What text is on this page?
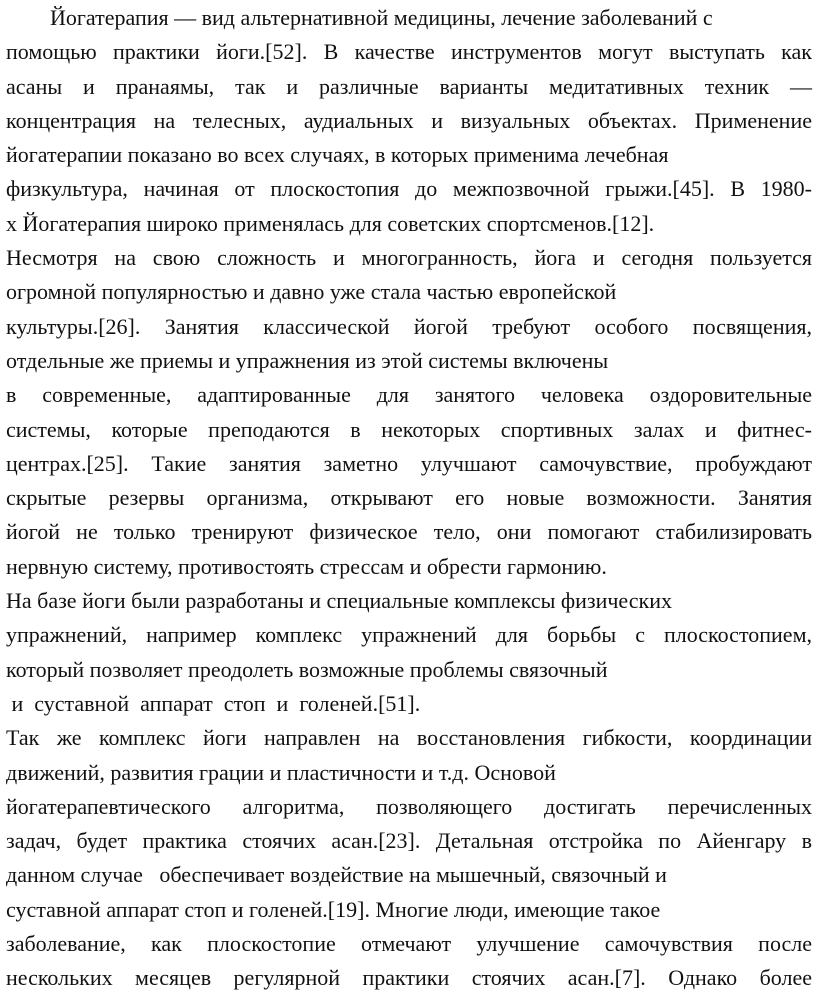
Йогатерапия — вид альтернативной медицины, лечение заболеваний с
помощью практики йоги.[52]. В качестве инструментов могут выступать как
асаны и пранаямы, так и различные варианты медитативных техник —
концентрация на телесных, аудиальных и визуальных объектах. Применение
йогатерапии показано во всех случаях, в которых применима лечебная
физкультура, начиная от плоскостопия до межпозвочной грыжи.[45]. В 1980-
х Йогатерапия широко применялась для советских спортсменов.[12].
Несмотря на свою сложность и многогранность, йога и сегодня пользуется
огромной популярностью и давно уже стала частью европейской
культуры.[26]. Занятия классической йогой требуют особого посвящения,
отдельные же приемы и упражнения из этой системы включены
в современные, адаптированные для занятого человека оздоровительные
системы, которые преподаются в некоторых спортивных залах и фитнес-
центрах.[25]. Такие занятия заметно улучшают самочувствие, пробуждают
скрытые резервы организма, открывают его новые возможности. Занятия
йогой не только тренируют физическое тело, они помогают стабилизировать
нервную систему, противостоять стрессам и обрести гармонию.
На базе йоги были разработаны и специальные комплексы физических
упражнений, например комплекс упражнений для борьбы с плоскостопием,
который позволяет преодолеть возможные проблемы связочный
и  суставной  аппарат  стоп  и  голеней.[51].
Так же комплекс йоги направлен на восстановления гибкости, координации
движений, развития грации и пластичности и т.д. Основой
йогатерапевтического алгоритма, позволяющего достигать перечисленных
задач, будет практика стоячих асан.[23]. Детальная отстройка по Айенгару в
данном случае   обеспечивает воздействие на мышечный, связочный и
суставной аппарат стоп и голеней.[19]. Многие люди, имеющие такое
заболевание, как плоскостопие отмечают улучшение самочувствия после
нескольких месяцев регулярной практики стоячих асан.[7]. Однако более
